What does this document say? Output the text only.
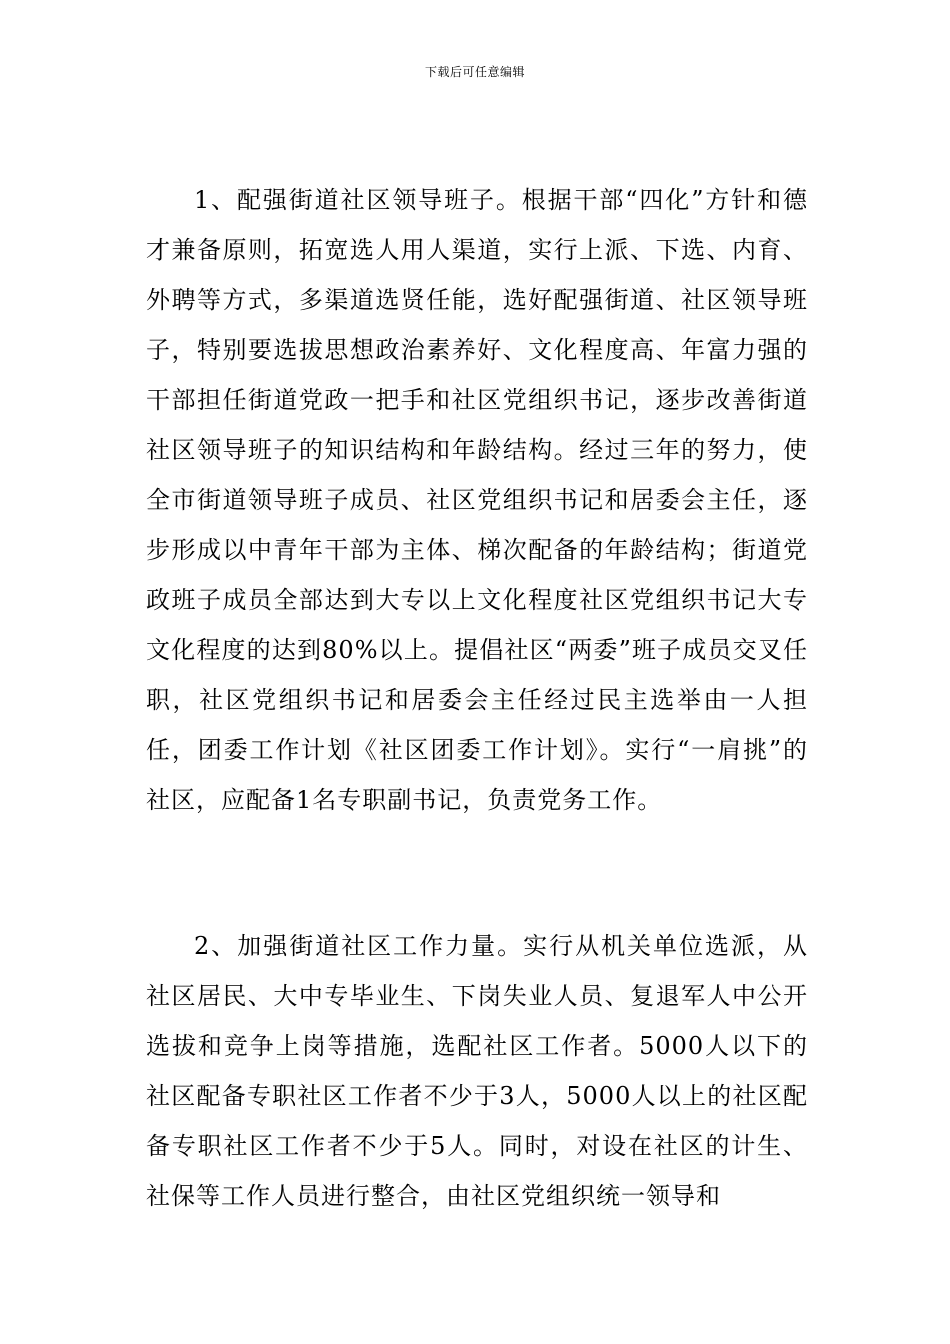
下载后可任意编辑

1、配强街道社区领导班子。根据干部“四化”方针和德才兼备原则，拓宽选人用人渠道，实行上派、下选、内育、外聘等方式，多渠道选贤任能，选好配强街道、社区领导班子，特别要选拔思想政治素养好、文化程度高、年富力强的干部担任街道党政一把手和社区党组织书记，逐步改善街道社区领导班子的知识结构和年龄结构。经过三年的努力，使全市街道领导班子成员、社区党组织书记和居委会主任，逐步形成以中青年干部为主体、梯次配备的年龄结构；街道党政班子成员全部达到大专以上文化程度社区党组织书记大专文化程度的达到80%以上。提倡社区“两委”班子成员交叉任职，社区党组织书记和居委会主任经过民主选举由一人担任，团委工作计划《社区团委工作计划》。实行“一肩挑”的社区，应配备1名专职副书记，负责党务工作。

2、加强街道社区工作力量。实行从机关单位选派，从社区居民、大中专毕业生、下岗失业人员、复退军人中公开选拔和竞争上岗等措施，选配社区工作者。5000人以下的社区配备专职社区工作者不少于3人，5000人以上的社区配备专职社区工作者不少于5人。同时，对设在社区的计生、社保等工作人员进行整合，由社区党组织统一领导和
